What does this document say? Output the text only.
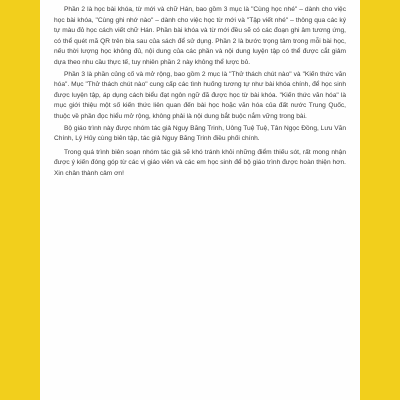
Phần 2 là học bài khóa, từ mới và chữ Hán, bao gồm 3 mục là "Cùng học nhé" – dành cho việc học bài khóa, "Cùng ghi nhớ nào" – dành cho việc học từ mới và "Tập viết nhé" – thông qua các ký tự màu đỏ học cách viết chữ Hán. Phần bài khóa và từ mới đều sẽ có các đoạn ghi âm tương ứng, có thể quét mã QR trên bìa sau của sách để sử dụng. Phần 2 là bước trọng tâm trong mỗi bài học, nếu thời lượng học không đủ, nội dung của các phần và nội dung luyện tập có thể được cắt giảm dựa theo nhu cầu thực tế, tuy nhiên phần 2 này không thể lược bỏ.

Phần 3 là phần củng cố và mở rộng, bao gồm 2 mục là "Thử thách chút nào" và "Kiến thức văn hóa". Mục "Thử thách chút nào" cung cấp các tình huống tương tự như bài khóa chính, để học sinh được luyện tập, áp dụng cách biểu đạt ngôn ngữ đã được học từ bài khóa. "Kiến thức văn hóa" là mục giới thiệu một số kiến thức liên quan đến bài học hoặc văn hóa của đất nước Trung Quốc, thuộc về phần đọc hiểu mở rộng, không phải là nội dung bắt buộc nắm vững trong bài.

Bộ giáo trình này được nhóm tác giả Nguy Băng Trinh, Uông Tuệ Tuệ, Tân Ngọc Đồng, Lưu Văn Chính, Lý Hủy cùng biên tập, tác giả Nguy Băng Trinh điều phối chính.

Trong quá trình biên soạn nhóm tác giả sẽ khó tránh khỏi những điểm thiếu sót, rất mong nhận được ý kiến đóng góp từ các vị giáo viên và các em học sinh để bộ giáo trình được hoàn thiện hơn. Xin chân thành cảm ơn!
